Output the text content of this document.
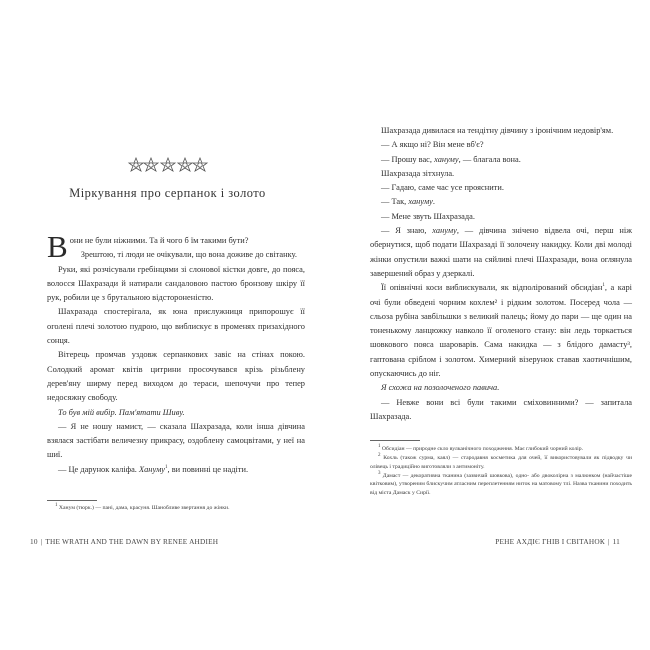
Міркування про серпанок і золото

Вони не були ніжними. Та й чого б їм такими бути?

Зрештою, ті люди не очікували, що вона доживе до світанку.

Руки, які розчісували гребінцями зі слонової кістки довге, до пояса, волосся Шахразади й натирали сандаловою пастою бронзову шкіру її рук, робили це з брутальною відстороненістю.

Шахразада спостерігала, як юна прислужниця припорошує її оголені плечі золотою пудрою, що виблискує в променях призахідного сонця.

Вітерець промчав уздовж серпанкових завіс на стінах покою. Солодкий аромат квітів цитрини просочувався крізь різьблену дерев'яну ширму перед виходом до тераси, шепочучи про тепер недосяжну свободу.

То був мій вибір. Пам'ятати Шиву.

— Я не ношу намист, — сказала Шахразада, коли інша дівчина взялася застібати величезну прикрасу, оздоблену самоцвітами, у неї на шиї.

— Це дарунок каліфа. Хануму$^1$, ви повинні це надіти.

1 Ханум (тюрк.) — пані, дама, красуня. Шанобливе звертання до жінки.

10 | THE WRATH AND THE DAWN BY RENEE AHDIEH

Шахразада дивилася на тендітну дівчину з іронічним недовір'ям.

— А якщо ні? Він мене вб'є?

— Прошу вас, хануму, — благала вона.

Шахразада зітхнула.

— Гадаю, саме час усе прояснити.

— Так, хануму.

— Мене звуть Шахразада.

— Я знаю, хануму, — дівчина знічено відвела очі, перш ніж обернутися, щоб подати Шахразаді її золочену накидку. Коли дві молоді жінки опустили важкі шати на сяйливі плечі Шахразади, вона оглянула завершений образ у дзеркалі.

Її опівнічні коси виблискували, як відполірований обсидіан$^1$, а карі очі були обведені чорним кохлем² і рідким золотом. Посеред чола — сльоза рубіна завбільшки з великий палець; йому до пари — ще один на тоненькому ланцюжку навколо її оголеного стану: він ледь торкається шовкового пояса шароварів. Сама накидка — з блідого дамасту³, гаптована сріблом і золотом. Химерний візерунок ставав хаотичнішим, опускаючись до ніг.

Я схожа на позолоченого павича.

— Невже вони всі були такими сміховинними? — запитала Шахразада.

1 Обсидіан — природне скло вулканічного походження. Має глибокий чорний колір.

2 Кохль (також сурма, каял) — стародавня косметика для очей, її використовували як підводку чи олівець і традиційно виготовляли з антимоніту.

3 Дамаст — декоративна тканина (зазвичай шовкова), одно- або двоколірна з малюнком (найчастіше квітковим), утвореним блискучим атласним переплетенням ниток на матовому тлі. Назва тканини походить від міста Дамаск у Сирії.

РЕНЕ АХДІЄ ГНІВ І СВІТАНОК | 11
